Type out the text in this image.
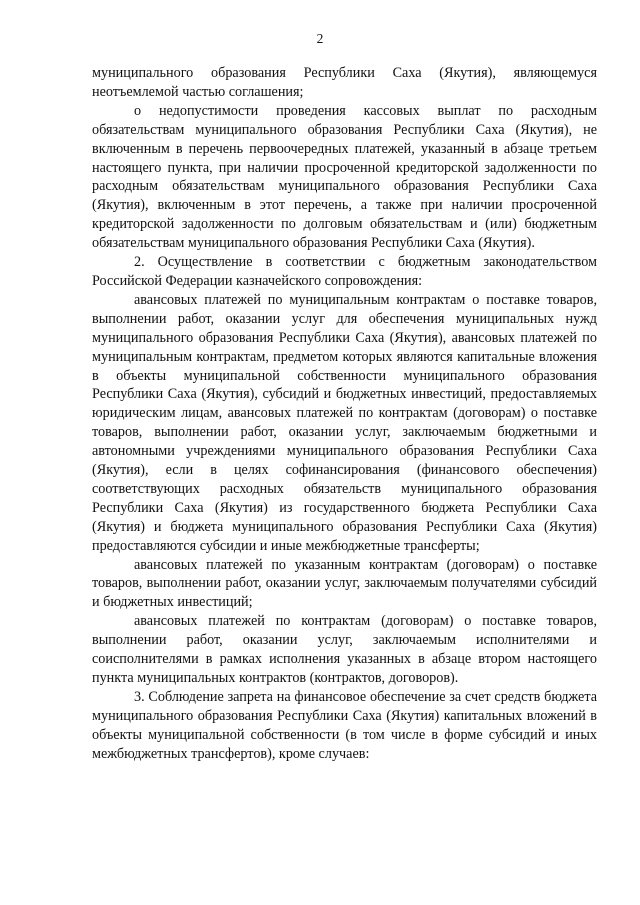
2

муниципального образования Республики Саха (Якутия), являющемуся неотъемлемой частью соглашения;

о недопустимости проведения кассовых выплат по расходным обязательствам муниципального образования Республики Саха (Якутия), не включенным в перечень первоочередных платежей, указанный в абзаце третьем настоящего пункта, при наличии просроченной кредиторской задолженности по расходным обязательствам муниципального образования Республики Саха (Якутия), включенным в этот перечень, а также при наличии просроченной кредиторской задолженности по долговым обязательствам и (или) бюджетным обязательствам муниципального образования Республики Саха (Якутия).

2. Осуществление в соответствии с бюджетным законодательством Российской Федерации казначейского сопровождения:

авансовых платежей по муниципальным контрактам о поставке товаров, выполнении работ, оказании услуг для обеспечения муниципальных нужд муниципального образования Республики Саха (Якутия), авансовых платежей по муниципальным контрактам, предметом которых являются капитальные вложения в объекты муниципальной собственности муниципального образования Республики Саха (Якутия), субсидий и бюджетных инвестиций, предоставляемых юридическим лицам, авансовых платежей по контрактам (договорам) о поставке товаров, выполнении работ, оказании услуг, заключаемым бюджетными и автономными учреждениями муниципального образования Республики Саха (Якутия), если в целях софинансирования (финансового обеспечения) соответствующих расходных обязательств муниципального образования Республики Саха (Якутия) из государственного бюджета Республики Саха (Якутия) и бюджета муниципального образования Республики Саха (Якутия) предоставляются субсидии и иные межбюджетные трансферты;

авансовых платежей по указанным контрактам (договорам) о поставке товаров, выполнении работ, оказании услуг, заключаемым получателями субсидий и бюджетных инвестиций;

авансовых платежей по контрактам (договорам) о поставке товаров, выполнении работ, оказании услуг, заключаемым исполнителями и соисполнителями в рамках исполнения указанных в абзаце втором настоящего пункта муниципальных контрактов (контрактов, договоров).

3. Соблюдение запрета на финансовое обеспечение за счет средств бюджета муниципального образования Республики Саха (Якутия) капитальных вложений в объекты муниципальной собственности (в том числе в форме субсидий и иных межбюджетных трансфертов), кроме случаев:
